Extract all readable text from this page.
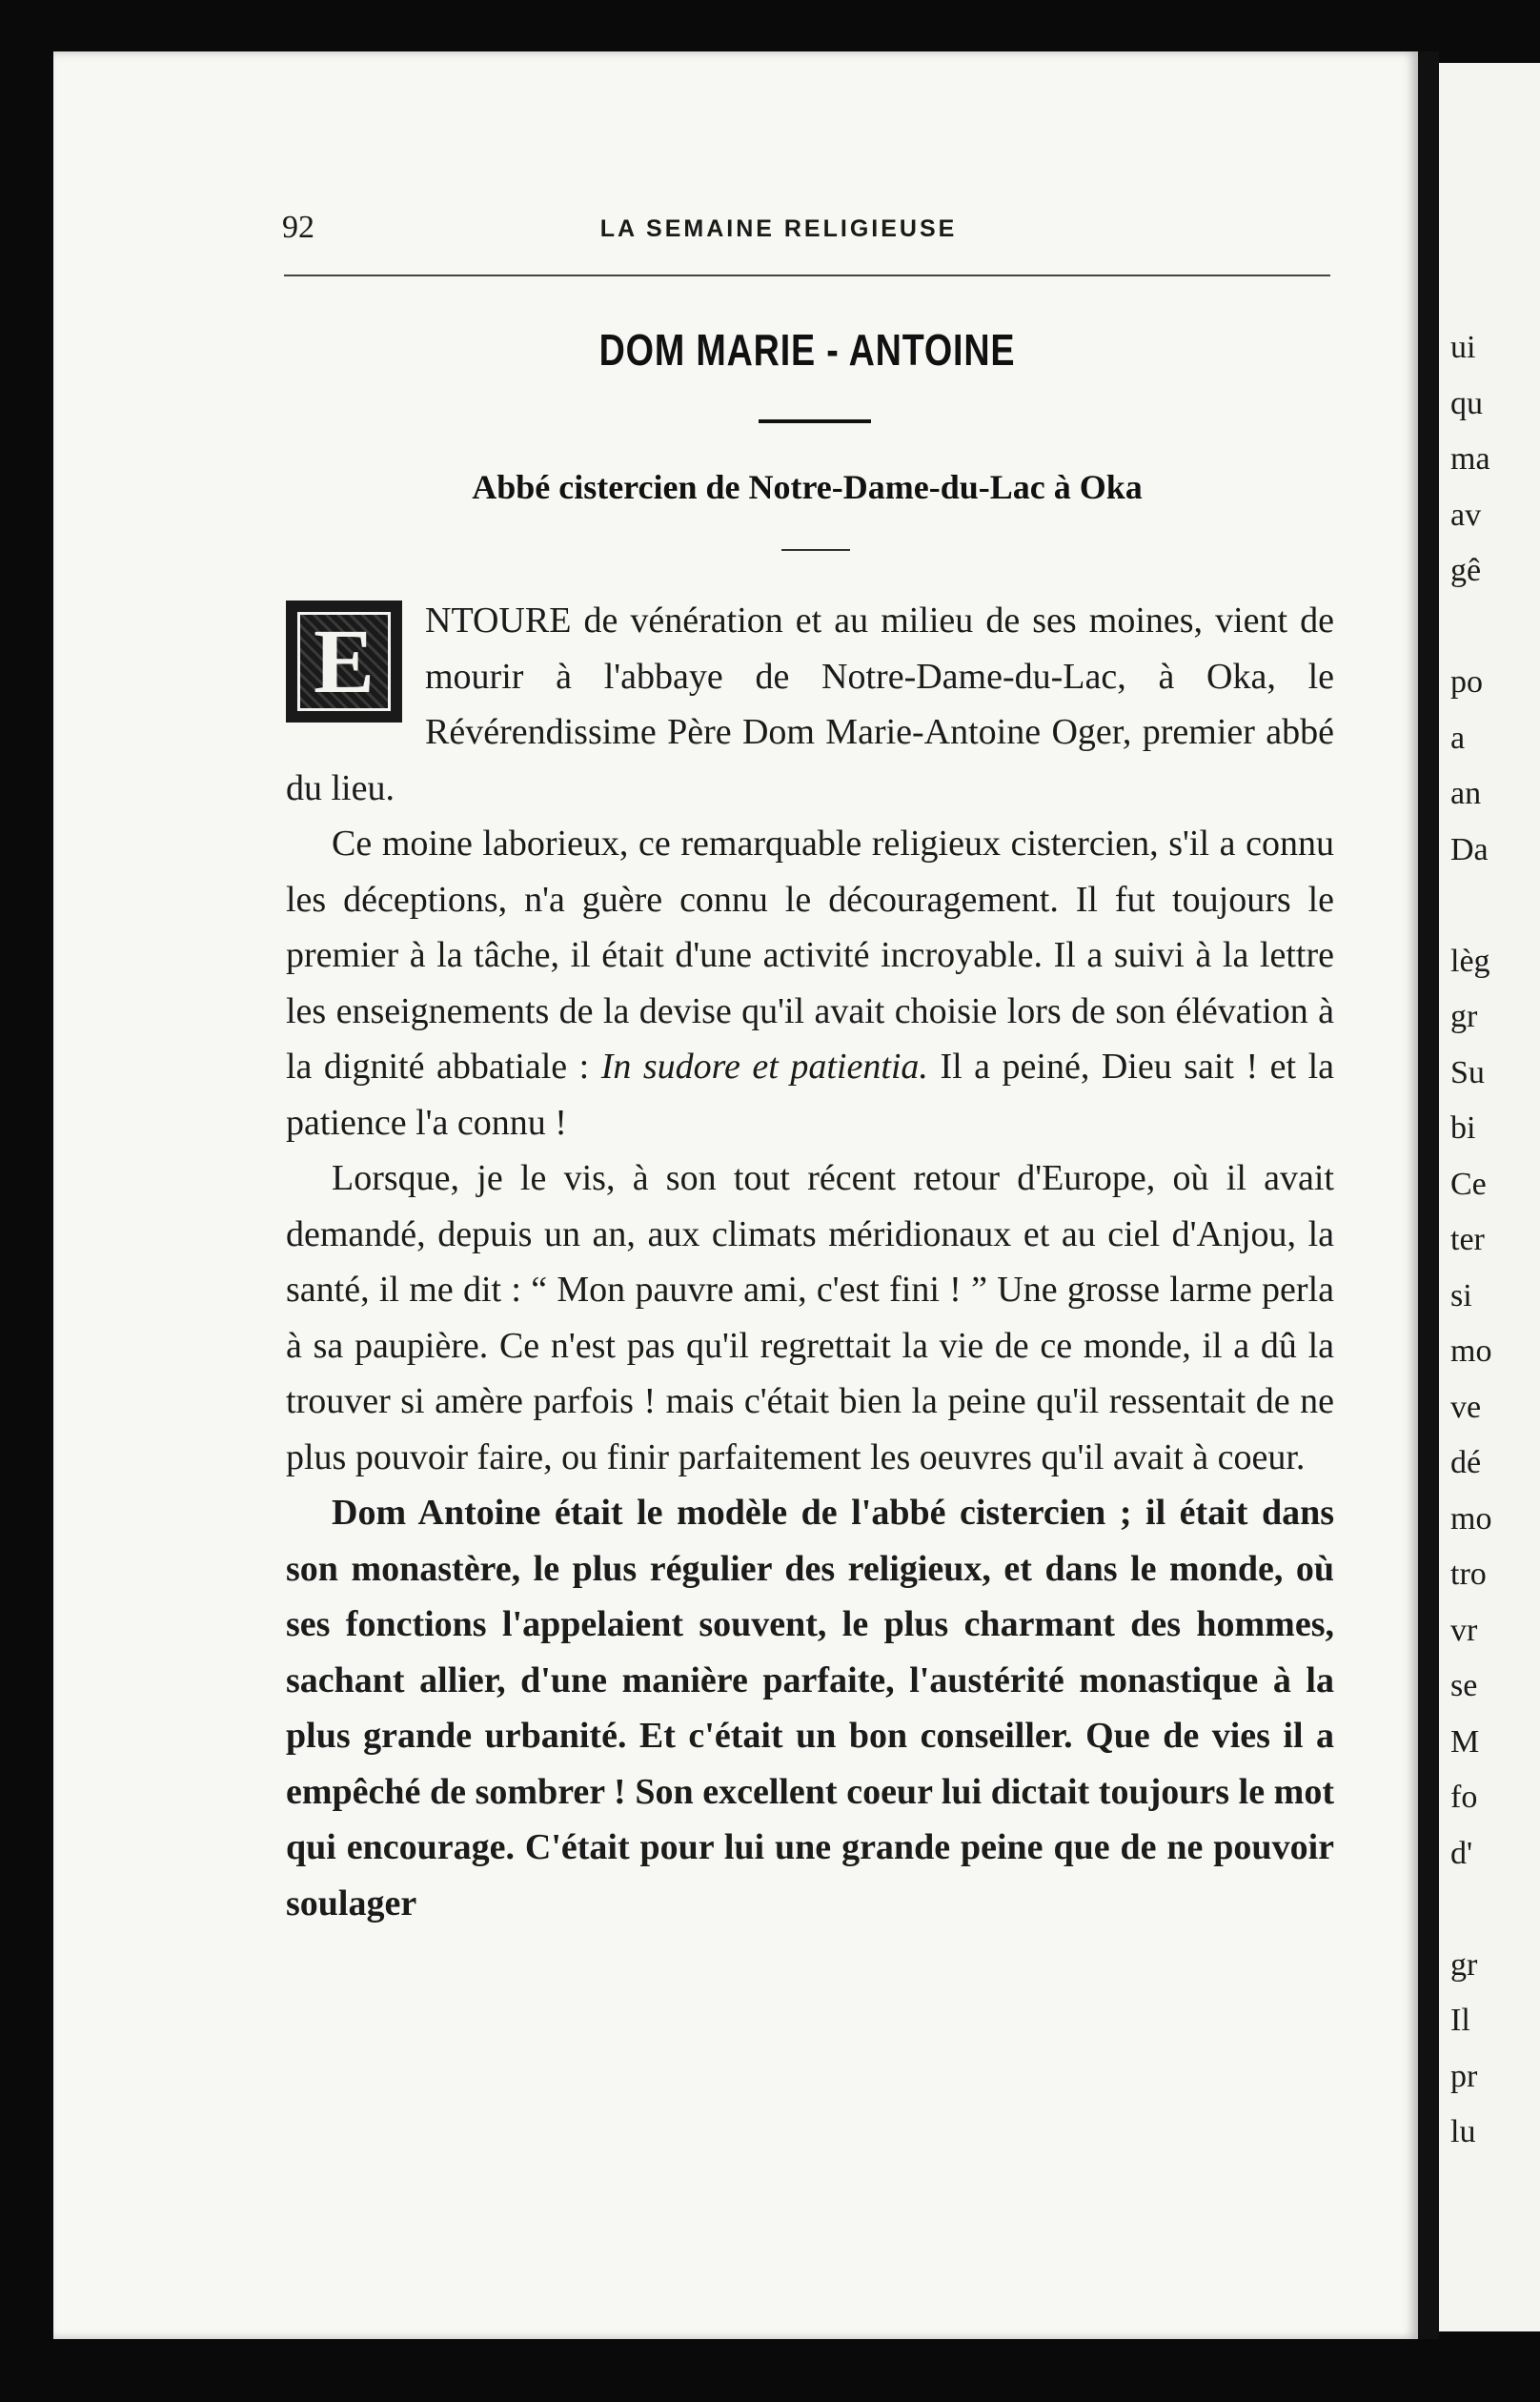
ui
qu
ma
av
gê
po
a
an
Da
lèg
gr
Su
bi
Ce
ter
si
mo
ve
dé
mo
tro
vr
se
M
fo
d'
gr
Il
pr
lu
92	LA SEMAINE RELIGIEUSE
DOM MARIE - ANTOINE
Abbé cistercien de Notre-Dame-du-Lac à Oka

E NTOURE de vénération et au milieu de ses moines, vient de mourir à l'abbaye de Notre-Dame-du-Lac, à Oka, le Révérendissime Père Dom Marie-Antoine Oger, premier abbé du lieu.

Ce moine laborieux, ce remarquable religieux cistercien, s'il a connu les déceptions, n'a guère connu le découragement. Il fut toujours le premier à la tâche, il était d'une activité incroyable. Il a suivi à la lettre les enseignements de la devise qu'il avait choisie lors de son élévation à la dignité abbatiale : In sudore et patientia. Il a peiné, Dieu sait ! et la patience l'a connu !

Lorsque, je le vis, à son tout récent retour d'Europe, où il avait demandé, depuis un an, aux climats méridionaux et au ciel d'Anjou, la santé, il me dit : “ Mon pauvre ami, c'est fini ! ” Une grosse larme perla à sa paupière. Ce n'est pas qu'il regrettait la vie de ce monde, il a dû la trouver si amère parfois ! mais c'était bien la peine qu'il ressentait de ne plus pouvoir faire, ou finir parfaitement les oeuvres qu'il avait à coeur.

Dom Antoine était le modèle de l'abbé cistercien ; il était dans son monastère, le plus régulier des religieux, et dans le monde, où ses fonctions l'appelaient souvent, le plus charmant des hommes, sachant allier, d'une manière parfaite, l'austérité monastique à la plus grande urbanité. Et c'était un bon conseiller. Que de vies il a empêché de sombrer ! Son excellent coeur lui dictait toujours le mot qui encourage. C'était pour lui une grande peine que de ne pouvoir soulager
